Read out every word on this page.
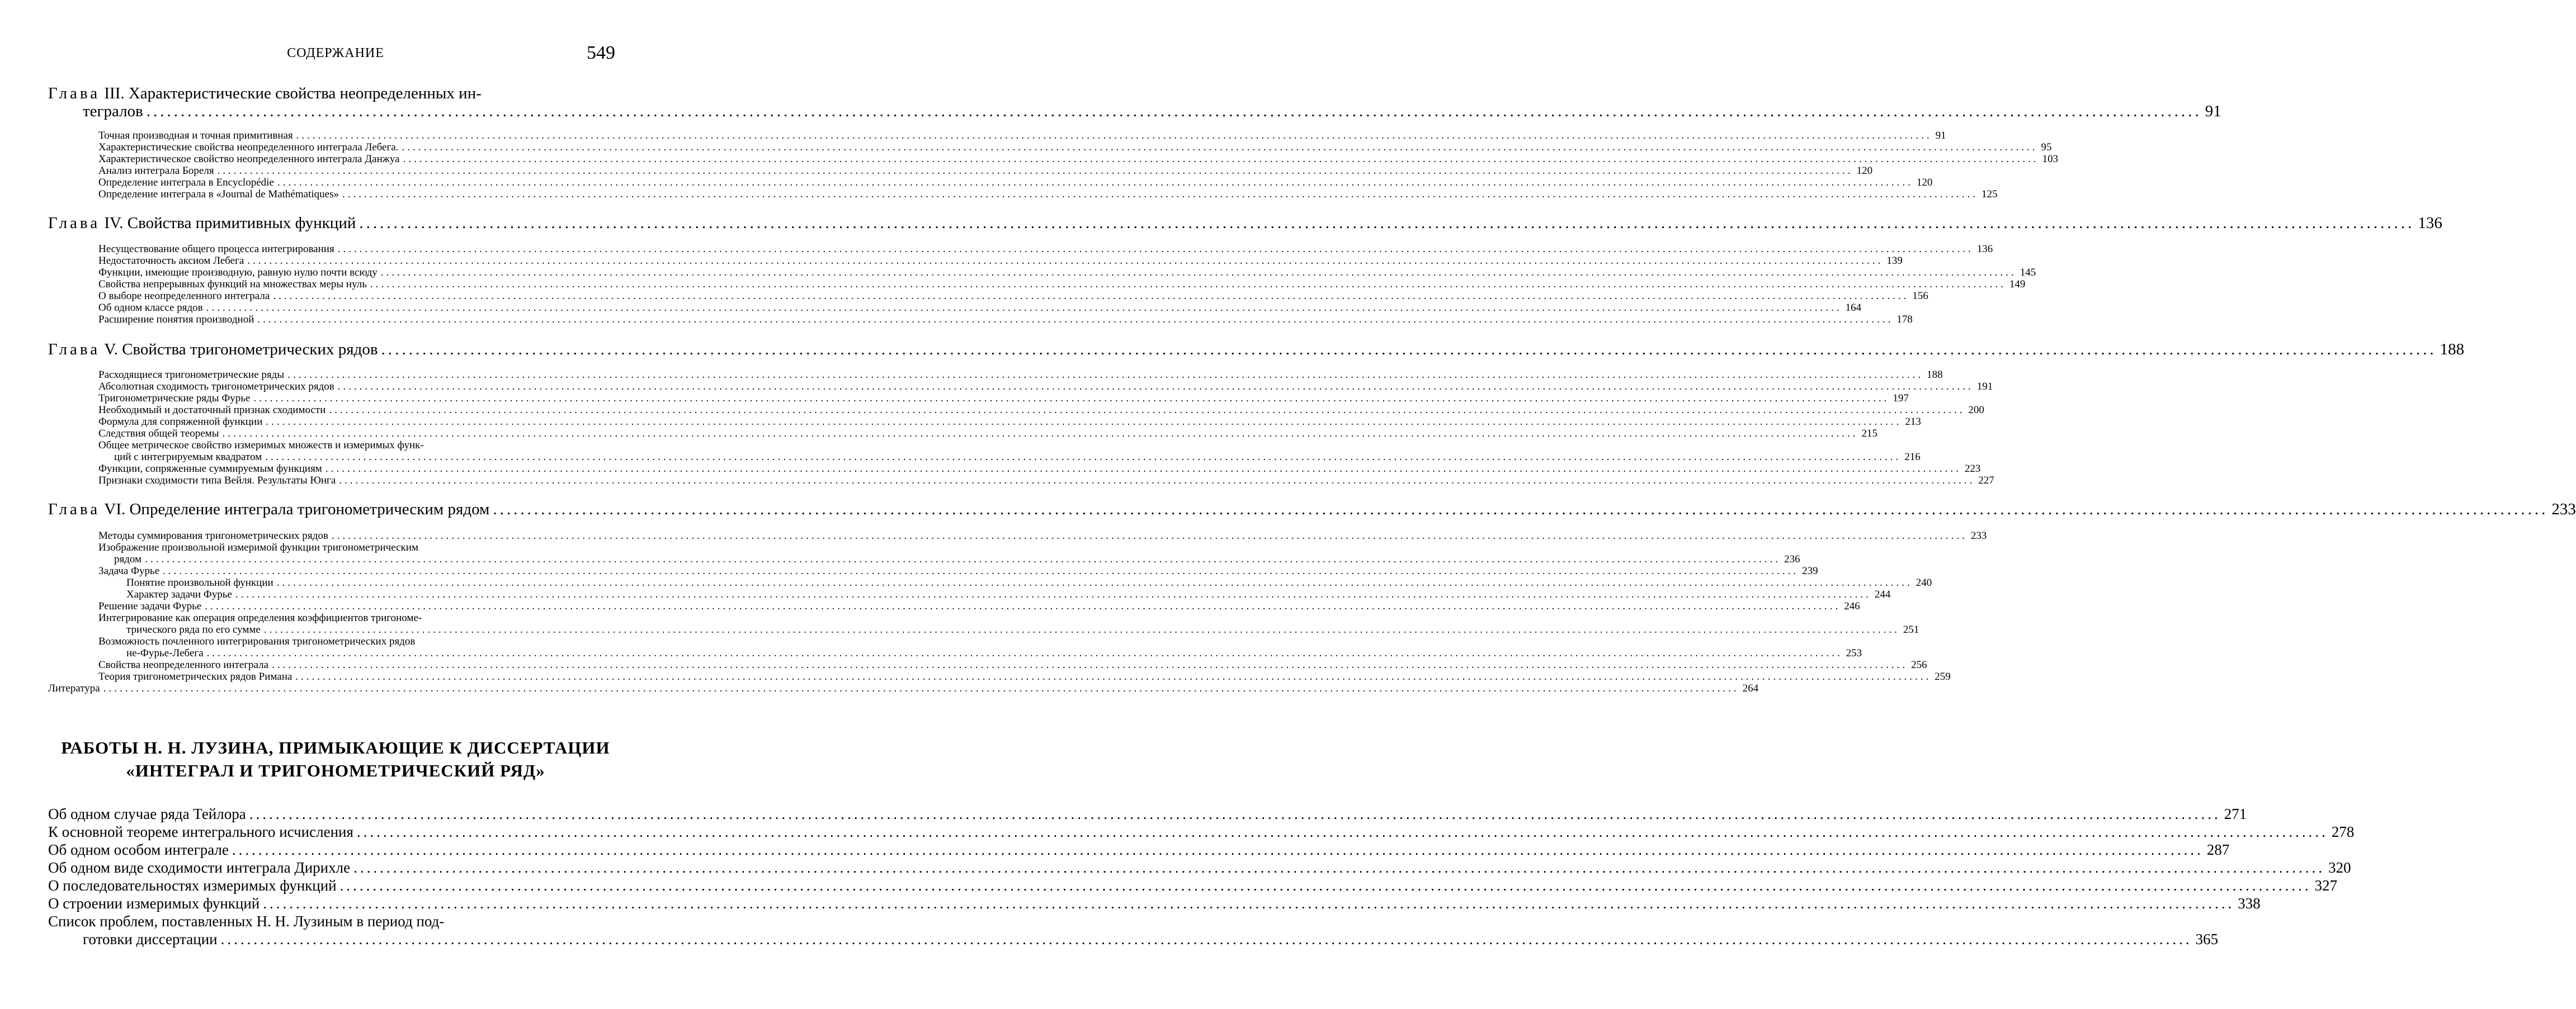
СОДЕРЖАНИЕ	549
Глава III. Характеристические свойства неопределенных ин-
тегралов ............................................................................................................................................................................................................................................................................................................ 91
Точная производная и точная примитивная ............................................................................................................................................................................................................................................................................................................ 91
Характеристические свойства неопределенного интеграла Лебега. ............................................................................................................................................................................................................................................................................................................ 95
Характеристическое свойство неопределенного интеграла Данжуа ............................................................................................................................................................................................................................................................................................................ 103
Анализ интеграла Бореля ............................................................................................................................................................................................................................................................................................................ 120
Определение интеграла в Encyclopédie ............................................................................................................................................................................................................................................................................................................ 120
Определение интеграла в «Journal de Mathématiques» ............................................................................................................................................................................................................................................................................................................ 125
Глава IV. Свойства примитивных функций ............................................................................................................................................................................................................................................................................................................ 136
Несуществование общего процесса интегрирования ............................................................................................................................................................................................................................................................................................................ 136
Недостаточность аксиом Лебега ............................................................................................................................................................................................................................................................................................................ 139
Функции, имеющие производную, равную нулю почти всюду ............................................................................................................................................................................................................................................................................................................ 145
Свойства непрерывных функций на множествах меры нуль ............................................................................................................................................................................................................................................................................................................ 149
О выборе неопределенного интеграла ............................................................................................................................................................................................................................................................................................................ 156
Об одном классе рядов ............................................................................................................................................................................................................................................................................................................ 164
Расширение понятия производной ............................................................................................................................................................................................................................................................................................................ 178
Глава V. Свойства тригонометрических рядов ............................................................................................................................................................................................................................................................................................................ 188
Расходящиеся тригонометрические ряды ............................................................................................................................................................................................................................................................................................................ 188
Абсолютная сходимость тригонометрических рядов ............................................................................................................................................................................................................................................................................................................ 191
Тригонометрические ряды Фурье ............................................................................................................................................................................................................................................................................................................ 197
Необходимый и достаточный признак сходимости ............................................................................................................................................................................................................................................................................................................ 200
Формула для сопряженной функции ............................................................................................................................................................................................................................................................................................................ 213
Следствия общей теоремы ............................................................................................................................................................................................................................................................................................................ 215
Общее метрическое свойство измеримых множеств и измеримых функ-
ций с интегрируемым квадратом ............................................................................................................................................................................................................................................................................................................ 216
Функции, сопряженные суммируемым функциям ............................................................................................................................................................................................................................................................................................................ 223
Признаки сходимости типа Вейля. Результаты Юнга ............................................................................................................................................................................................................................................................................................................ 227
Глава VI. Определение интеграла тригонометрическим рядом ............................................................................................................................................................................................................................................................................................................ 233
Методы суммирования тригонометрических рядов ............................................................................................................................................................................................................................................................................................................ 233
Изображение произвольной измеримой функции тригонометрическим
рядом ............................................................................................................................................................................................................................................................................................................ 236
Задача Фурье ............................................................................................................................................................................................................................................................................................................ 239
Понятие произвольной функции ............................................................................................................................................................................................................................................................................................................ 240
Характер задачи Фурье ............................................................................................................................................................................................................................................................................................................ 244
Решение задачи Фурье ............................................................................................................................................................................................................................................................................................................ 246
Интегрирование как операция определения коэффициентов тригономе-
трического ряда по его сумме ............................................................................................................................................................................................................................................................................................................ 251
Возможность почленного интегрирования тригонометрических рядов
не-Фурье-Лебега ............................................................................................................................................................................................................................................................................................................ 253
Свойства неопределенного интеграла ............................................................................................................................................................................................................................................................................................................ 256
Теория тригонометрических рядов Римана ............................................................................................................................................................................................................................................................................................................ 259
Литература ............................................................................................................................................................................................................................................................................................................ 264
РАБОТЫ Н. Н. ЛУЗИНА, ПРИМЫКАЮЩИЕ К ДИССЕРТАЦИИ
«ИНТЕГРАЛ И ТРИГОНОМЕТРИЧЕСКИЙ РЯД»
Об одном случае ряда Тейлора ............................................................................................................................................................................................................................................................................................................ 271
К основной теореме интегрального исчисления ............................................................................................................................................................................................................................................................................................................ 278
Об одном особом интеграле ............................................................................................................................................................................................................................................................................................................ 287
Об одном виде сходимости интеграла Дирихле ............................................................................................................................................................................................................................................................................................................ 320
О последовательностях измеримых функций ............................................................................................................................................................................................................................................................................................................ 327
О строении измеримых функций ............................................................................................................................................................................................................................................................................................................ 338
Список проблем, поставленных Н. Н. Лузиным в период под-
готовки диссертации ............................................................................................................................................................................................................................................................................................................ 365
